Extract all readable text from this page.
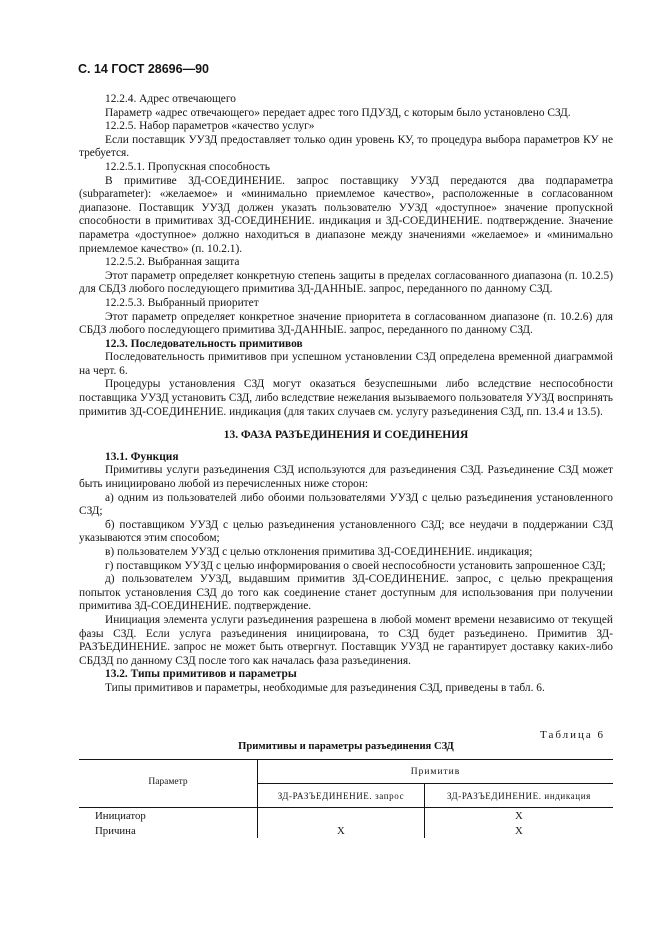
С. 14 ГОСТ 28696—90

12.2.4. Адрес отвечающего

Параметр «адрес отвечающего» передает адрес того ПДУЗД, с которым было установлено СЗД.

12.2.5. Набор параметров «качество услуг»

Если поставщик УУЗД предоставляет только один уровень КУ, то процедура выбора параметров КУ не требуется.

12.2.5.1. Пропускная способность

В примитиве ЗД-СОЕДИНЕНИЕ. запрос поставщику УУЗД передаются два подпараметра (subparameter): «желаемое» и «минимально приемлемое качество», расположенные в согласованном диапазоне. Поставщик УУЗД должен указать пользователю УУЗД «доступное» значение пропускной способности в примитивах ЗД-СОЕДИНЕНИЕ. индикация и ЗД-СОЕДИНЕНИЕ. подтверждение. Значение параметра «доступное» должно находиться в диапазоне между значениями «желаемое» и «минимально приемлемое качество» (п. 10.2.1).

12.2.5.2. Выбранная защита

Этот параметр определяет конкретную степень защиты в пределах согласованного диапазона (п. 10.2.5) для СБДЗ любого последующего примитива ЗД-ДАННЫЕ. запрос, переданного по данному СЗД.

12.2.5.3. Выбранный приоритет

Этот параметр определяет конкретное значение приоритета в согласованном диапазоне (п. 10.2.6) для СБДЗ любого последующего примитива ЗД-ДАННЫЕ. запрос, переданного по данному СЗД.

12.3. Последовательность примитивов

Последовательность примитивов при успешном установлении СЗД определена временной диаграммой на черт. 6.

Процедуры установления СЗД могут оказаться безуспешными либо вследствие неспособности поставщика УУЗД установить СЗД, либо вследствие нежелания вызываемого пользователя УУЗД воспринять примитив ЗД-СОЕДИНЕНИЕ. индикация (для таких случаев см. услугу разъединения СЗД, пп. 13.4 и 13.5).

13. ФАЗА РАЗЪЕДИНЕНИЯ И СОЕДИНЕНИЯ

13.1. Функция

Примитивы услуги разъединения СЗД используются для разъединения СЗД. Разъединение СЗД может быть инициировано любой из перечисленных ниже сторон:

а) одним из пользователей либо обоими пользователями УУЗД с целью разъединения установленного СЗД;

б) поставщиком УУЗД с целью разъединения установленного СЗД; все неудачи в поддержании СЗД указываются этим способом;

в) пользователем УУЗД с целью отклонения примитива ЗД-СОЕДИНЕНИЕ. индикация;

г) поставщиком УУЗД с целью информирования о своей неспособности установить запрошенное СЗД;

д) пользователем УУЗД, выдавшим примитив ЗД-СОЕДИНЕНИЕ. запрос, с целью прекращения попыток установления СЗД до того как соединение станет доступным для использования при получении примитива ЗД-СОЕДИНЕНИЕ. подтверждение.

Инициация элемента услуги разъединения разрешена в любой момент времени независимо от текущей фазы СЗД. Если услуга разъединения инициирована, то СЗД будет разъединено. Примитив ЗД-РАЗЪЕДИНЕНИЕ. запрос не может быть отвергнут. Поставщик УУЗД не гарантирует доставку каких-либо СБДЗД по данному СЗД после того как началась фаза разъединения.

13.2. Типы примитивов и параметры

Типы примитивов и параметры, необходимые для разъединения СЗД, приведены в табл. 6.

Таблица 6
Примитивы и параметры разъединения СЗД
Параметр	Примитив	
	ЗД-РАЗЪЕДИНЕНИЕ. запрос	ЗД-РАЗЪЕДИНЕНИЕ. индикация
Инициатор		X
Причина	X	X
